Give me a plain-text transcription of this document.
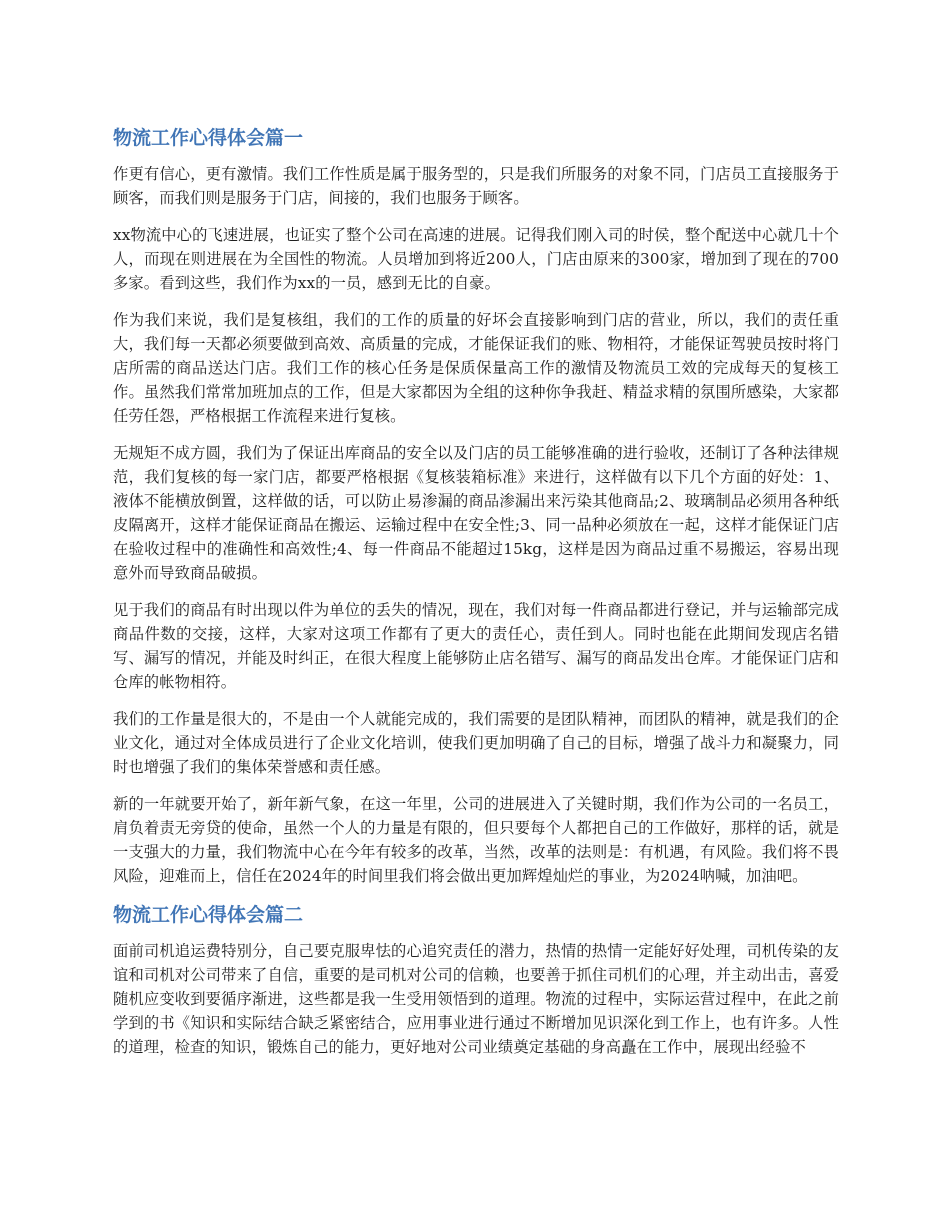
物流工作心得体会篇一

作更有信心，更有激情。我们工作性质是属于服务型的，只是我们所服务的对象不同，门店员工直接服务于顾客，而我们则是服务于门店，间接的，我们也服务于顾客。

xx物流中心的飞速进展，也证实了整个公司在高速的进展。记得我们刚入司的时侯，整个配送中心就几十个人，而现在则进展在为全国性的物流。人员增加到将近200人，门店由原来的300家，增加到了现在的700多家。看到这些，我们作为xx的一员，感到无比的自豪。

作为我们来说，我们是复核组，我们的工作的质量的好坏会直接影响到门店的营业，所以，我们的责任重大，我们每一天都必须要做到高效、高质量的完成，才能保证我们的账、物相符，才能保证驾驶员按时将门店所需的商品送达门店。我们工作的核心任务是保质保量高工作的激情及物流员工效的完成每天的复核工作。虽然我们常常加班加点的工作，但是大家都因为全组的这种你争我赶、精益求精的氛围所感染，大家都任劳任怨，严格根据工作流程来进行复核。

无规矩不成方圆，我们为了保证出库商品的安全以及门店的员工能够准确的进行验收，还制订了各种法律规范，我们复核的每一家门店，都要严格根据《复核装箱标准》来进行，这样做有以下几个方面的好处：1、液体不能横放倒置，这样做的话，可以防止易渗漏的商品渗漏出来污染其他商品;2、玻璃制品必须用各种纸皮隔离开，这样才能保证商品在搬运、运输过程中在安全性;3、同一品种必须放在一起，这样才能保证门店在验收过程中的准确性和高效性;4、每一件商品不能超过15kg，这样是因为商品过重不易搬运，容易出现意外而导致商品破损。

见于我们的商品有时出现以件为单位的丢失的情况，现在，我们对每一件商品都进行登记，并与运输部完成商品件数的交接，这样，大家对这项工作都有了更大的责任心，责任到人。同时也能在此期间发现店名错写、漏写的情况，并能及时纠正，在很大程度上能够防止店名错写、漏写的商品发出仓库。才能保证门店和仓库的帐物相符。

我们的工作量是很大的，不是由一个人就能完成的，我们需要的是团队精神，而团队的精神，就是我们的企业文化，通过对全体成员进行了企业文化培训，使我们更加明确了自己的目标，增强了战斗力和凝聚力，同时也增强了我们的集体荣誉感和责任感。

新的一年就要开始了，新年新气象，在这一年里，公司的进展进入了关键时期，我们作为公司的一名员工，肩负着责无旁贷的使命，虽然一个人的力量是有限的，但只要每个人都把自己的工作做好，那样的话，就是一支强大的力量，我们物流中心在今年有较多的改革，当然，改革的法则是：有机遇，有风险。我们将不畏风险，迎难而上，信任在2024年的时间里我们将会做出更加辉煌灿烂的事业，为2024呐喊，加油吧。

物流工作心得体会篇二

面前司机追运费特别分，自己要克服卑怯的心追究责任的潜力，热情的热情一定能好好处理，司机传染的友谊和司机对公司带来了自信，重要的是司机对公司的信赖，也要善于抓住司机们的心理，并主动出击，喜爱随机应变收到要循序渐进，这些都是我一生受用领悟到的道理。物流的过程中，实际运营过程中，在此之前学到的书《知识和实际结合缺乏紧密结合，应用事业进行通过不断增加见识深化到工作上，也有许多。人性的道理，检查的知识，锻炼自己的能力，更好地对公司业绩奠定基础的身高矗在工作中，展现出经验不
